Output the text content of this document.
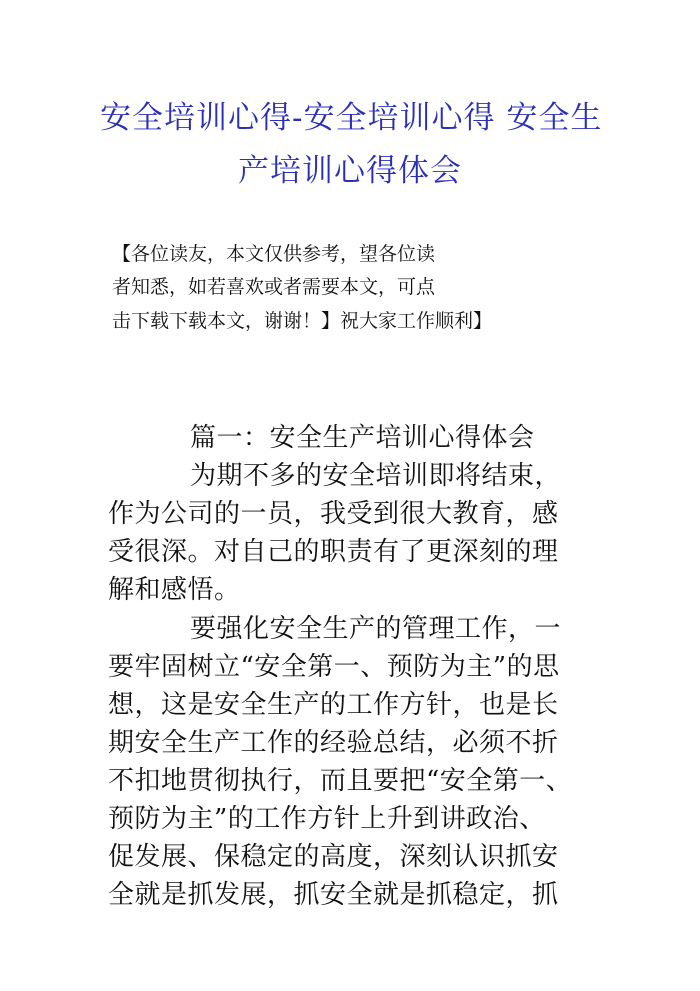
安全培训心得-安全培训心得 安全生
产培训心得体会
【各位读友，本文仅供参考，望各位读
者知悉，如若喜欢或者需要本文，可点
击下载下载本文，谢谢！】祝大家工作顺利】
篇一：安全生产培训心得体会
为期不多的安全培训即将结束，
作为公司的一员，我受到很大教育，感
受很深。对自己的职责有了更深刻的理
解和感悟。
要强化安全生产的管理工作，一
要牢固树立“安全第一、预防为主”的思
想，这是安全生产的工作方针，也是长
期安全生产工作的经验总结，必须不折
不扣地贯彻执行，而且要把“安全第一、
预防为主”的工作方针上升到讲政治、
促发展、保稳定的高度，深刻认识抓安
全就是抓发展，抓安全就是抓稳定，抓
